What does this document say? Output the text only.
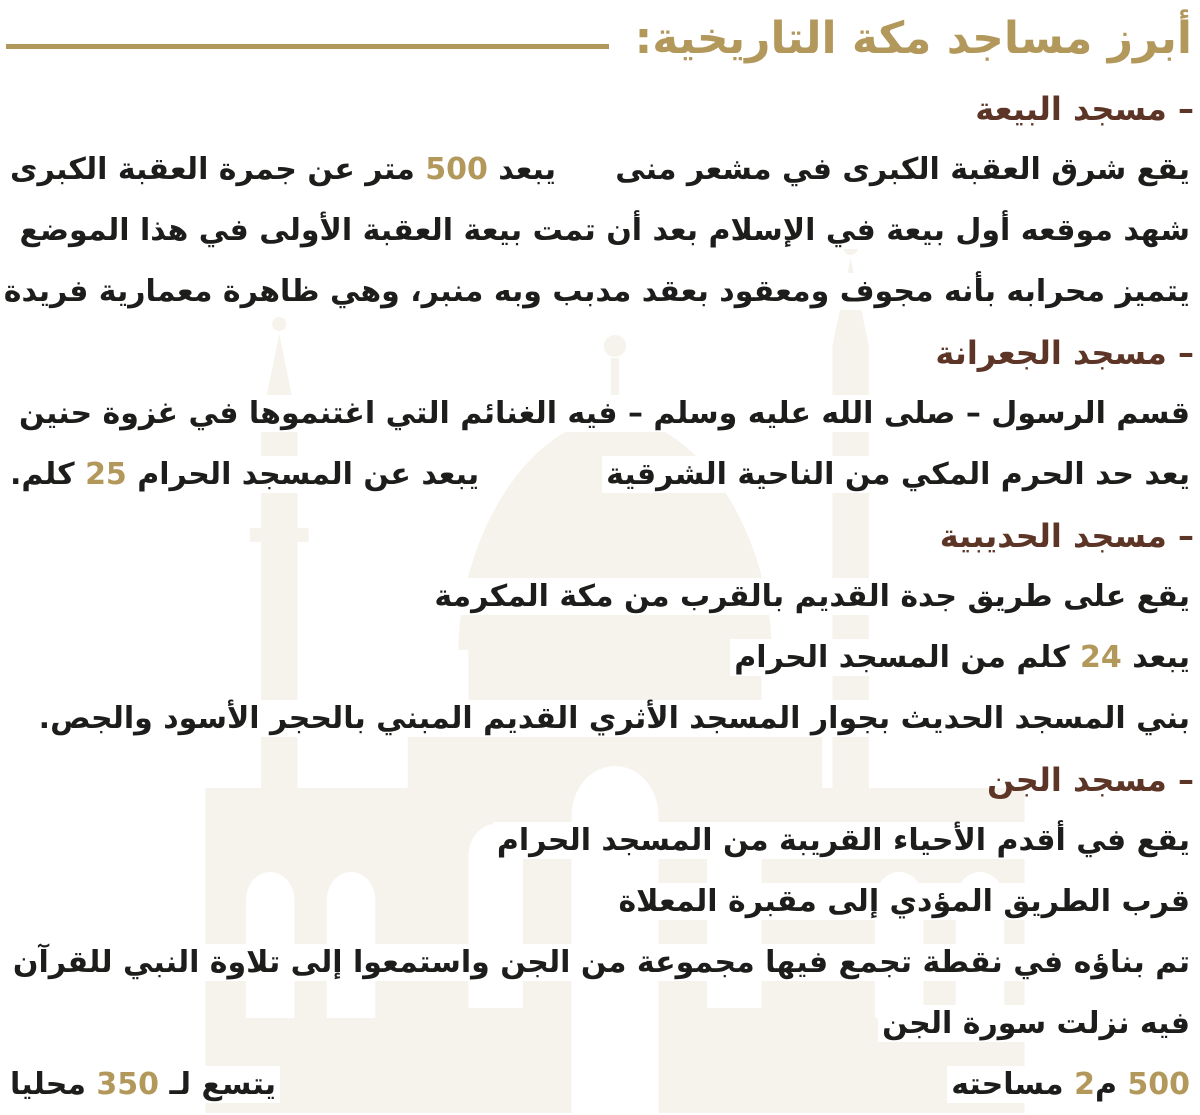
أبرز مساجد مكة التاريخية:
– مسجد البيعة
يقع شرق العقبة الكبرى في مشعر منى
يبعد 500 متر عن جمرة العقبة الكبرى
شهد موقعه أول بيعة في الإسلام بعد أن تمت بيعة العقبة الأولى في هذا الموضع
يتميز محرابه بأنه مجوف ومعقود بعقد مدبب وبه منبر، وهي ظاهرة معمارية فريدة
– مسجد الجعرانة
قسم الرسول – صلى الله عليه وسلم – فيه الغنائم التي اغتنموها في غزوة حنين
يعد حد الحرم المكي من الناحية الشرقية
يبعد عن المسجد الحرام 25 كلم.
– مسجد الحديبية
يقع على طريق جدة القديم بالقرب من مكة المكرمة
يبعد 24 كلم من المسجد الحرام
بني المسجد الحديث بجوار المسجد الأثري القديم المبني بالحجر الأسود والجص.
– مسجد الجن
يقع في أقدم الأحياء القريبة من المسجد الحرام
قرب الطريق المؤدي إلى مقبرة المعلاة
تم بناؤه في نقطة تجمع فيها مجموعة من الجن واستمعوا إلى تلاوة النبي للقرآن
فيه نزلت سورة الجن
500 م2 مساحته
يتسع لـ 350 محليا
